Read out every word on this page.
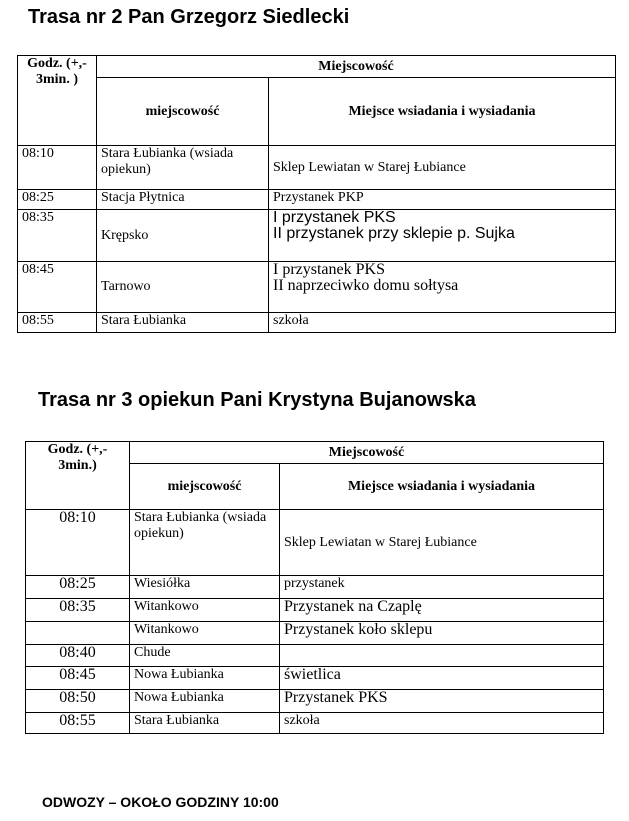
Trasa nr 2 Pan Grzegorz Siedlecki
Godz. (+,- 3min. )	Miejscowość	
	miejscowość	Miejsce wsiadania i wysiadania
08:10	Stara Łubianka (wsiada opiekun)	Sklep Lewiatan w Starej Łubiance
08:25	Stacja Płytnica	Przystanek PKP
08:35	Krępsko	I przystanek PKS
II przystanek przy sklepie p. Sujka

08:45	Tarnowo	I przystanek PKS
II naprzeciwko domu sołtysa

08:55	Stara Łubianka	szkoła
Trasa nr 3 opiekun Pani Krystyna Bujanowska
Godz. (+,- 3min.)	Miejscowość	
	miejscowość	Miejsce wsiadania i wysiadania
08:10	Stara Łubianka (wsiada opiekun)	Sklep Lewiatan w Starej Łubiance
08:25	Wiesiółka	przystanek
08:35	Witankowo	Przystanek na Czaplę
	Witankowo	Przystanek koło sklepu
08:40	Chude	
08:45	Nowa Łubianka	świetlica
08:50	Nowa Łubianka	Przystanek PKS
08:55	Stara Łubianka	szkoła
ODWOZY – OKOŁO GODZINY 10:00
